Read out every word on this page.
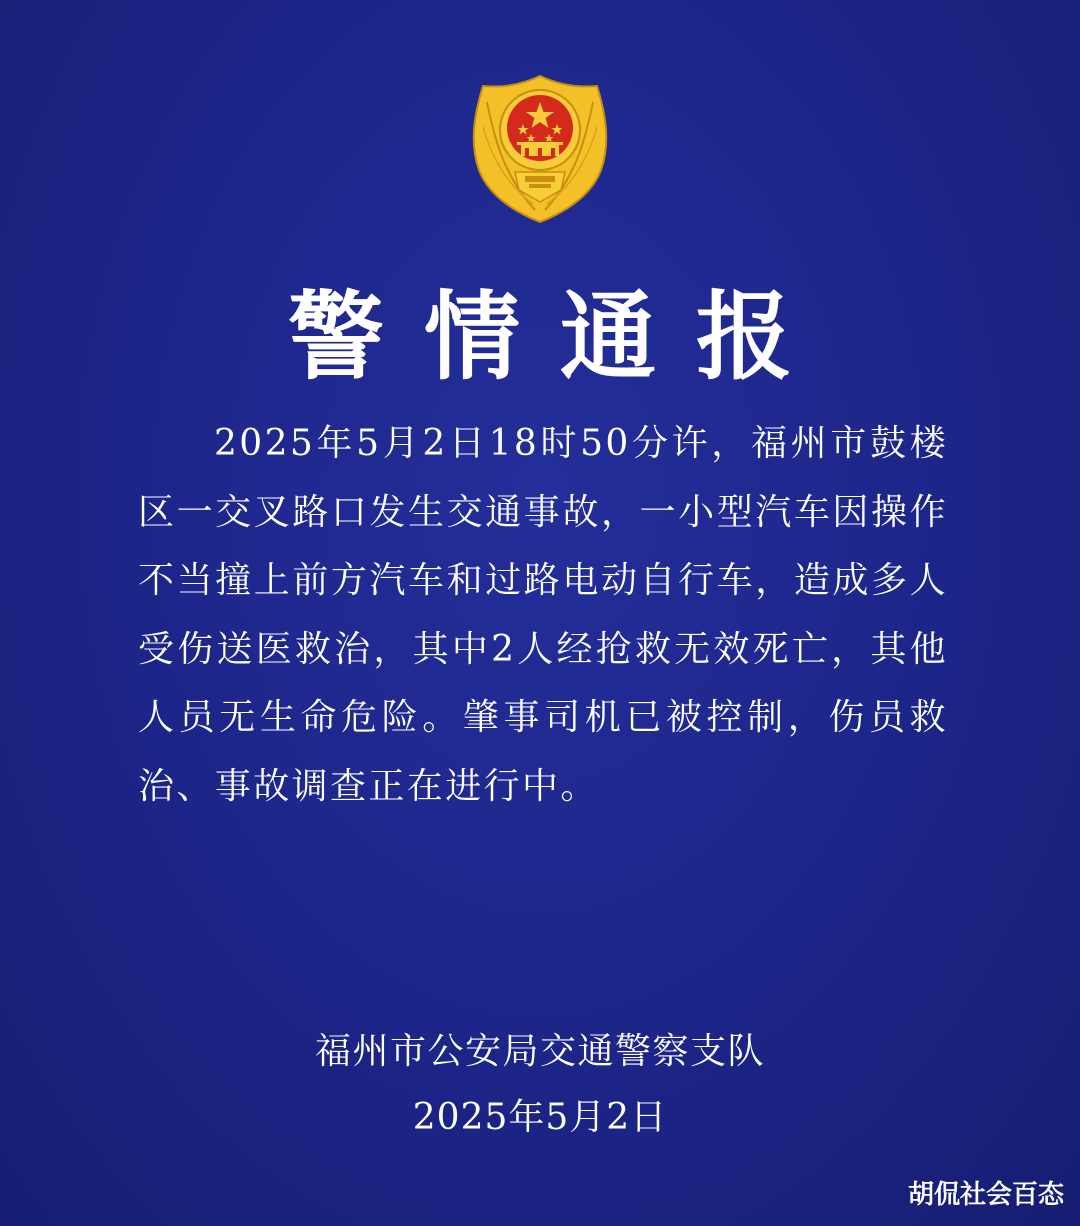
警情通报
2025年5月2日18时50分许，福州市鼓楼区一交叉路口发生交通事故，一小型汽车因操作不当撞上前方汽车和过路电动自行车，造成多人受伤送医救治，其中2人经抢救无效死亡，其他人员无生命危险。肇事司机已被控制，伤员救治、事故调查正在进行中。
福州市公安局交通警察支队
2025年5月2日
胡侃社会百态
